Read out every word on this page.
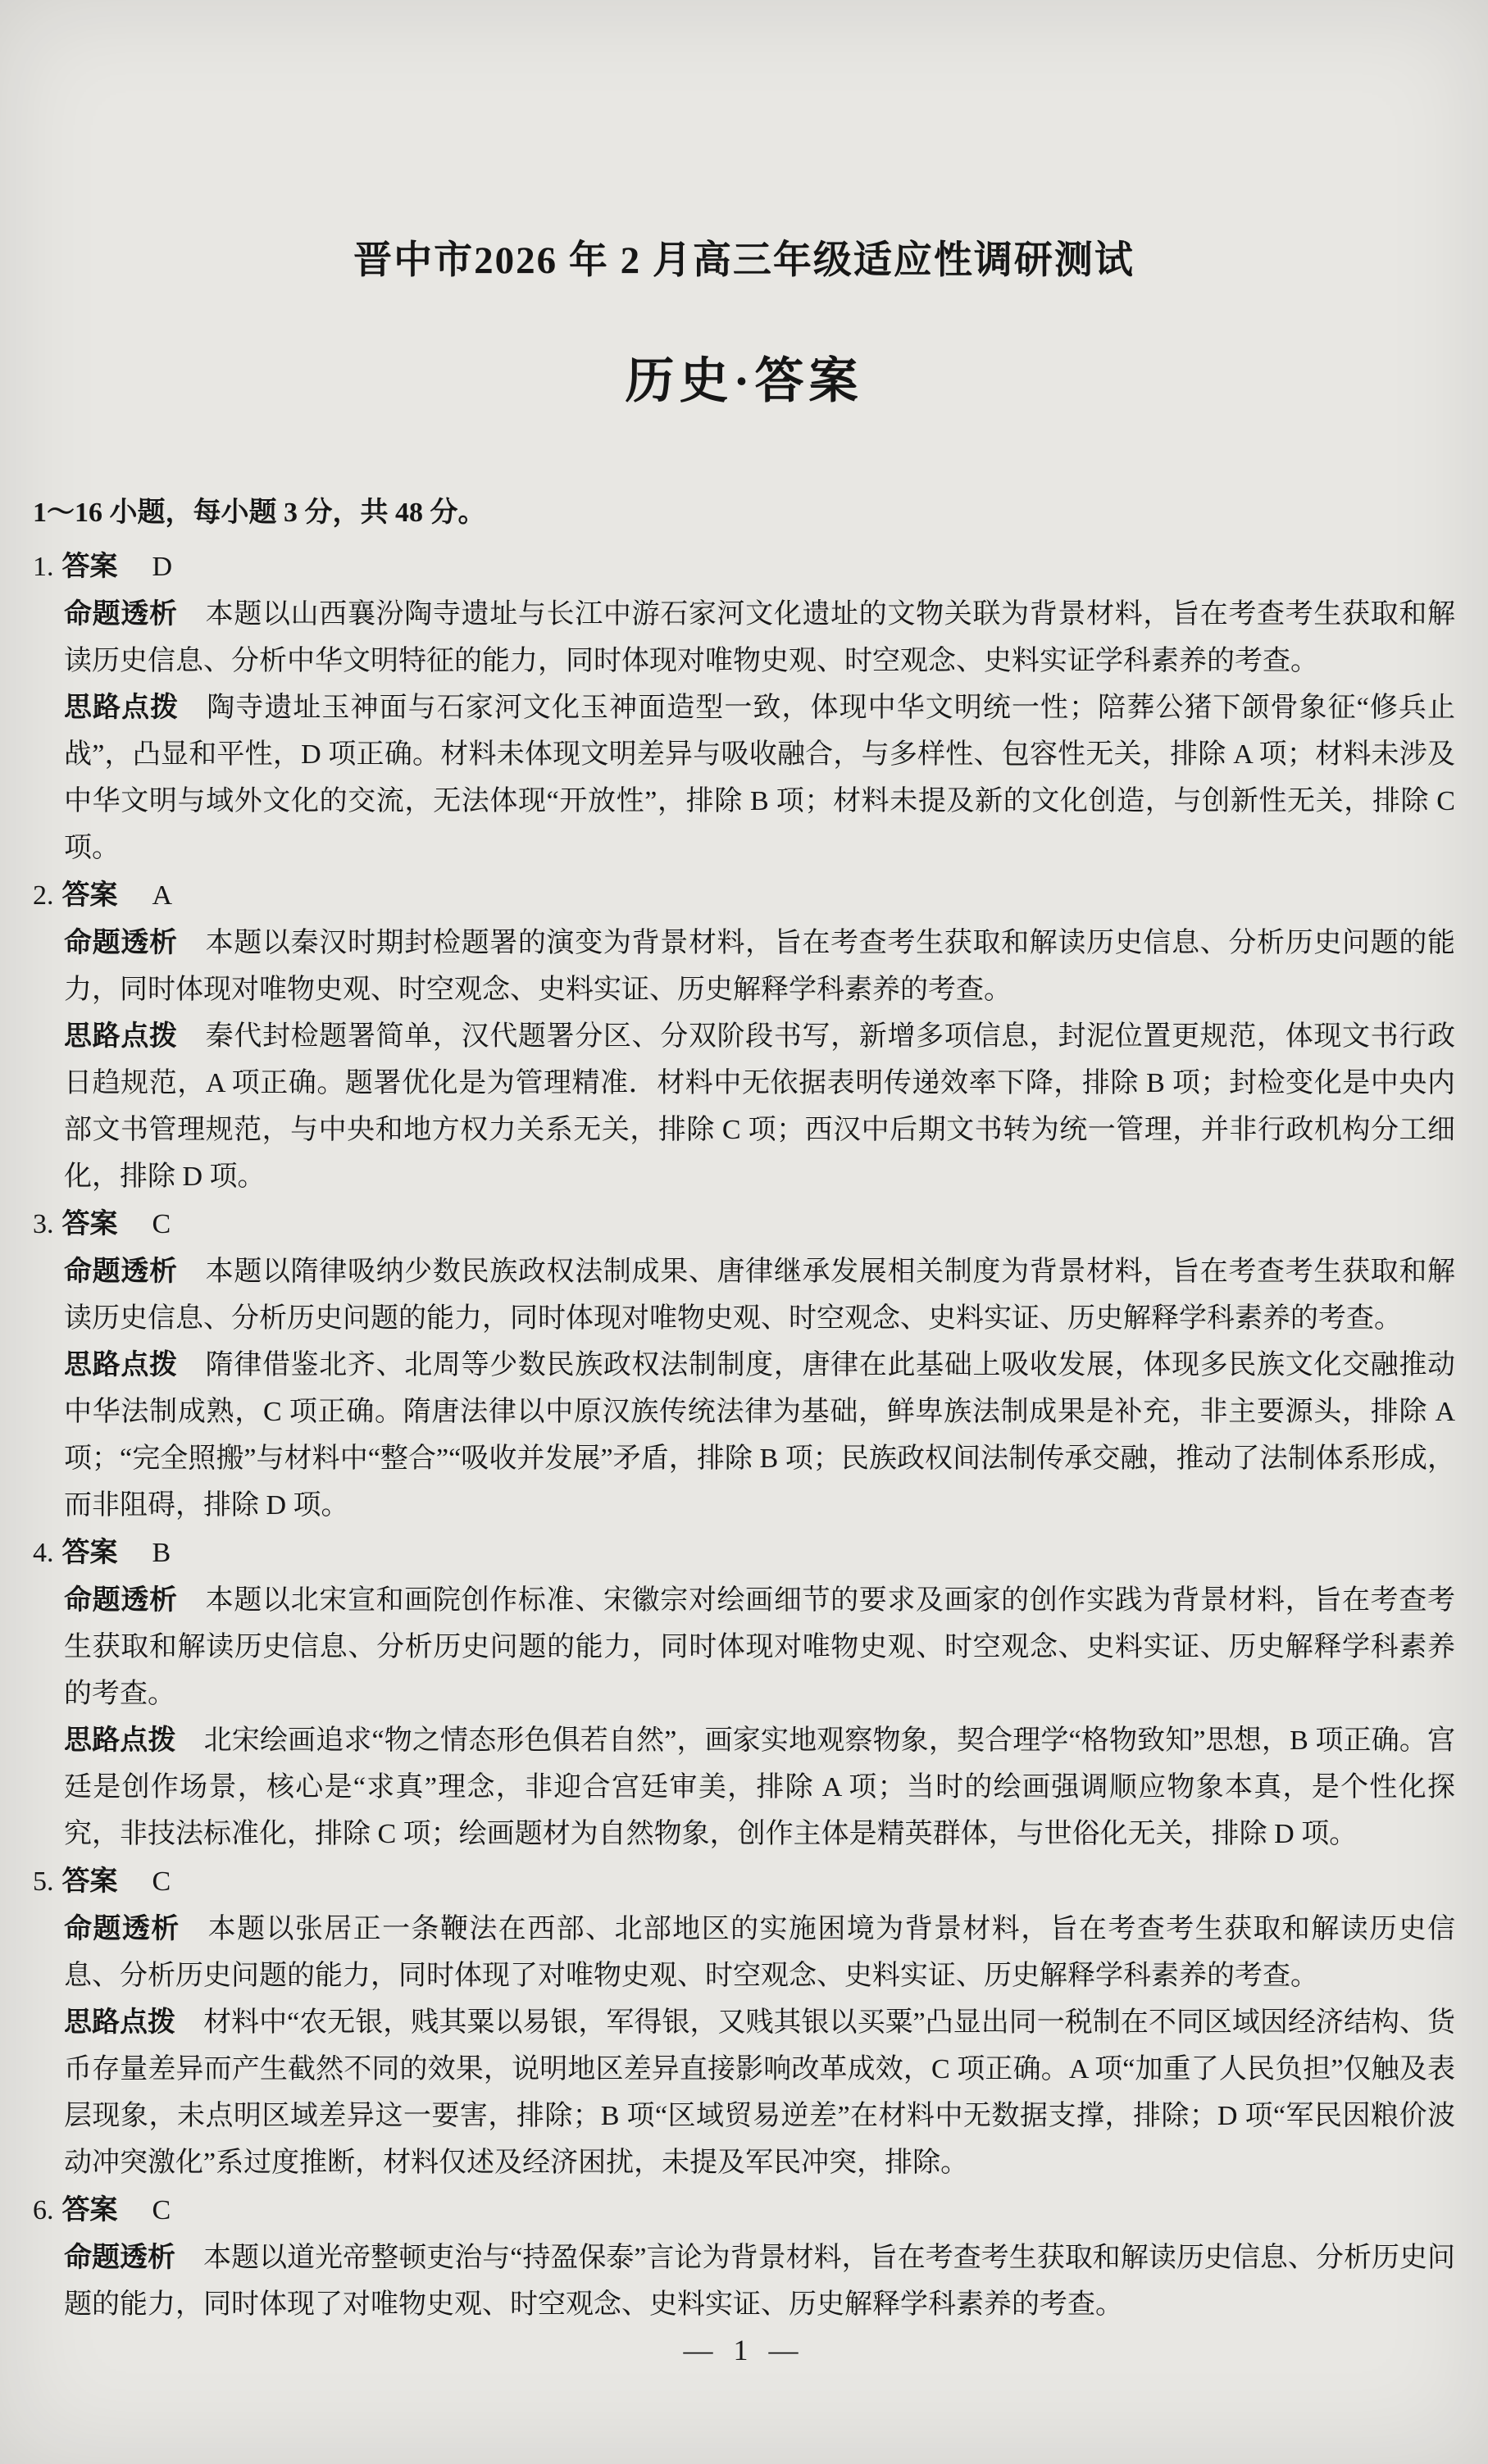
晋中市2026 年 2 月高三年级适应性调研测试
历史·答案

1～16 小题，每小题 3 分，共 48 分。

1. 答案 D

命题透析 本题以山西襄汾陶寺遗址与长江中游石家河文化遗址的文物关联为背景材料，旨在考查考生获取和解读历史信息、分析中华文明特征的能力，同时体现对唯物史观、时空观念、史料实证学科素养的考查。

思路点拨 陶寺遗址玉神面与石家河文化玉神面造型一致，体现中华文明统一性；陪葬公猪下颌骨象征“修兵止战”，凸显和平性，D 项正确。材料未体现文明差异与吸收融合，与多样性、包容性无关，排除 A 项；材料未涉及中华文明与域外文化的交流，无法体现“开放性”，排除 B 项；材料未提及新的文化创造，与创新性无关，排除 C 项。

2. 答案 A

命题透析 本题以秦汉时期封检题署的演变为背景材料，旨在考查考生获取和解读历史信息、分析历史问题的能力，同时体现对唯物史观、时空观念、史料实证、历史解释学科素养的考查。

思路点拨 秦代封检题署简单，汉代题署分区、分双阶段书写，新增多项信息，封泥位置更规范，体现文书行政日趋规范，A 项正确。题署优化是为管理精准．材料中无依据表明传递效率下降，排除 B 项；封检变化是中央内部文书管理规范，与中央和地方权力关系无关，排除 C 项；西汉中后期文书转为统一管理，并非行政机构分工细化，排除 D 项。

3. 答案 C

命题透析 本题以隋律吸纳少数民族政权法制成果、唐律继承发展相关制度为背景材料，旨在考查考生获取和解读历史信息、分析历史问题的能力，同时体现对唯物史观、时空观念、史料实证、历史解释学科素养的考查。

思路点拨 隋律借鉴北齐、北周等少数民族政权法制制度，唐律在此基础上吸收发展，体现多民族文化交融推动中华法制成熟，C 项正确。隋唐法律以中原汉族传统法律为基础，鲜卑族法制成果是补充，非主要源头，排除 A 项；“完全照搬”与材料中“整合”“吸收并发展”矛盾，排除 B 项；民族政权间法制传承交融，推动了法制体系形成，而非阻碍，排除 D 项。

4. 答案 B

命题透析 本题以北宋宣和画院创作标准、宋徽宗对绘画细节的要求及画家的创作实践为背景材料，旨在考查考生获取和解读历史信息、分析历史问题的能力，同时体现对唯物史观、时空观念、史料实证、历史解释学科素养的考查。

思路点拨 北宋绘画追求“物之情态形色俱若自然”，画家实地观察物象，契合理学“格物致知”思想，B 项正确。宫廷是创作场景，核心是“求真”理念，非迎合宫廷审美，排除 A 项；当时的绘画强调顺应物象本真，是个性化探究，非技法标准化，排除 C 项；绘画题材为自然物象，创作主体是精英群体，与世俗化无关，排除 D 项。

5. 答案 C

命题透析 本题以张居正一条鞭法在西部、北部地区的实施困境为背景材料，旨在考查考生获取和解读历史信息、分析历史问题的能力，同时体现了对唯物史观、时空观念、史料实证、历史解释学科素养的考查。

思路点拨 材料中“农无银，贱其粟以易银，军得银，又贱其银以买粟”凸显出同一税制在不同区域因经济结构、货币存量差异而产生截然不同的效果，说明地区差异直接影响改革成效，C 项正确。A 项“加重了人民负担”仅触及表层现象，未点明区域差异这一要害，排除；B 项“区域贸易逆差”在材料中无数据支撑，排除；D 项“军民因粮价波动冲突激化”系过度推断，材料仅述及经济困扰，未提及军民冲突，排除。

6. 答案 C

命题透析 本题以道光帝整顿吏治与“持盈保泰”言论为背景材料，旨在考查考生获取和解读历史信息、分析历史问题的能力，同时体现了对唯物史观、时空观念、史料实证、历史解释学科素养的考查。

— 1 —
